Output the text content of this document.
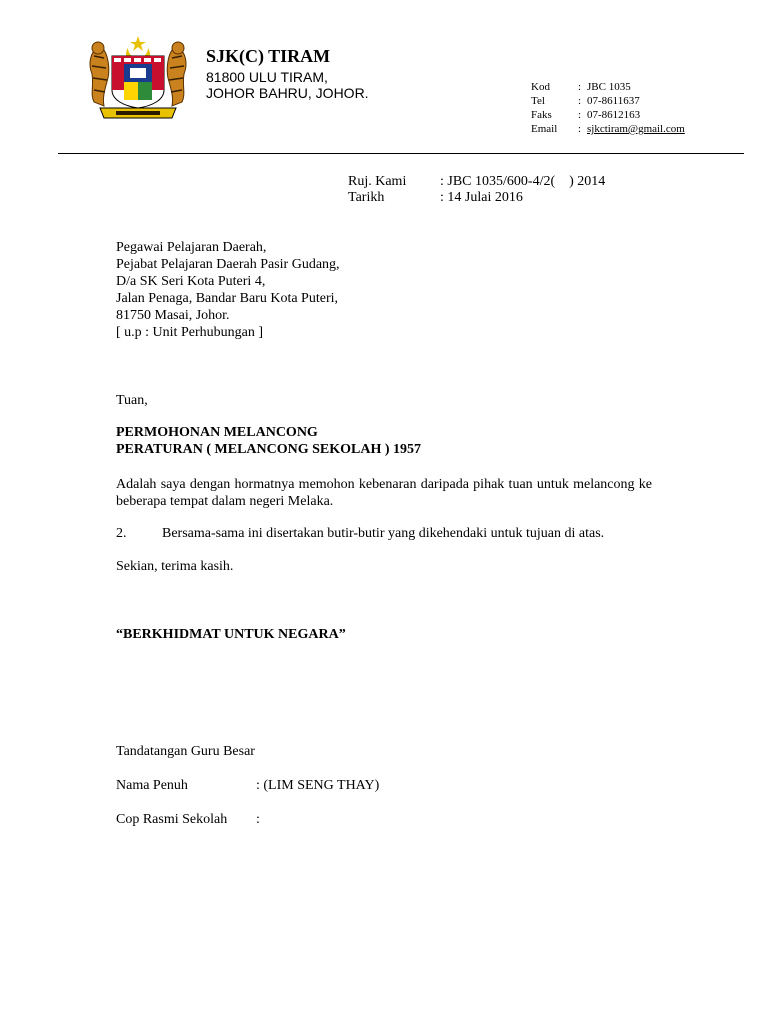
SJK(C) TIRAM
81800 ULU TIRAM,
JOHOR BAHRU, JOHOR.	Kod	: JBC 1035
Tel	: 07-8611637
Faks : 07-8612163
Email : sjkctiram@gmail.com
Ruj. Kami : JBC 1035/600-4/2(    ) 2014
Tarikh	: 14 Julai 2016
Pegawai Pelajaran Daerah,
Pejabat Pelajaran Daerah Pasir Gudang,
D/a SK Seri Kota Puteri 4,
Jalan Penaga, Bandar Baru Kota Puteri,
81750 Masai, Johor.
[ u.p : Unit Perhubungan ]
Tuan,
PERMOHONAN MELANCONG
PERATURAN ( MELANCONG SEKOLAH ) 1957
Adalah saya dengan hormatnya memohon kebenaran daripada pihak tuan untuk melancong ke beberapa tempat dalam negeri Melaka.
2.	Bersama-sama ini disertakan butir-butir yang dikehendaki untuk tujuan di atas.
Sekian, terima kasih.
“BERKHIDMAT UNTUK NEGARA”
Tandatangan Guru Besar
Nama Penuh	: (LIM SENG THAY)
Cop Rasmi Sekolah :
